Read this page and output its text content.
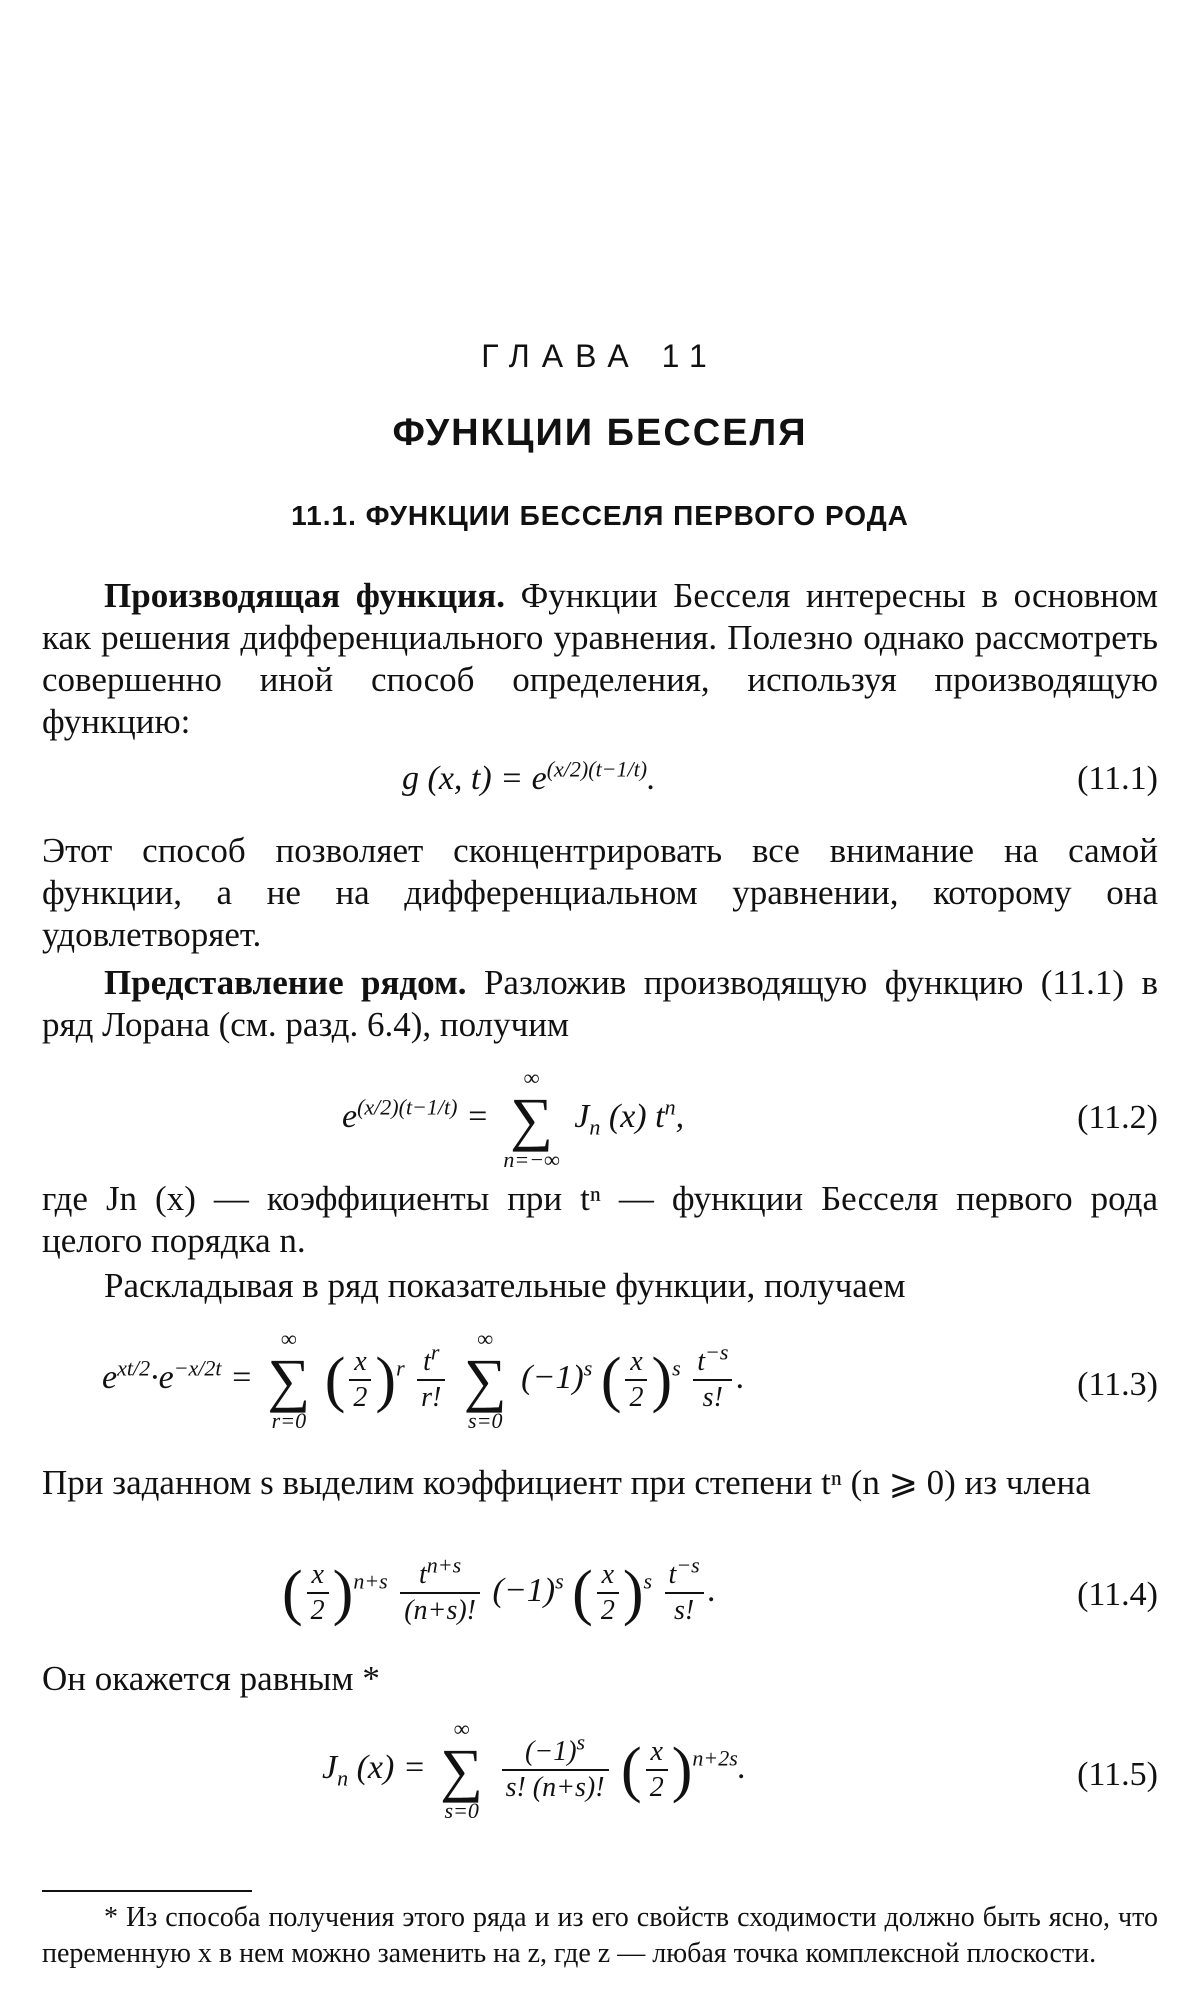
ГЛАВА 11
ФУНКЦИИ БЕССЕЛЯ
11.1. ФУНКЦИИ БЕССЕЛЯ ПЕРВОГО РОДА
Производящая функция. Функции Бесселя интересны в основном как решения дифференциального уравнения. Полезно однако рассмотреть совершенно иной способ определения, используя производящую функцию:
g (x, $t) = e^{(x/2)(t-1/t)}$.	(11.1)
Этот способ позволяет сконцентрировать все внимание на самой функции, а не на дифференциальном уравнении, которому она удовлетворяет.
Представление рядом. Разложив производящую функцию (11.1) в ряд Лорана (см. разд. 6.4), получим
$e^{(x/2)(t-1/t)}$ =
∞
∑
n=−∞
$J_n$ (x) $t^n$,	(11.2)
где Jn (x) — коэффициенты при tⁿ — функции Бесселя первого рода целого порядка n.
Раскладывая в ряд показательные функции, получаем
$e^{xt/2}\cdot e^{-x/2t}$ =
∞
∑
r=0
( $\frac{x}{2} )^r \frac{t^r}{r!}$

∞
∑
s=0
$(-1)^s$ ( $\frac{x}{2} )^s \frac{t^{-s}}{s!}$ .	(11.3)
При заданном s выделим коэффициент при степени tⁿ (n ⩾ 0) из члена
( $\frac{x}{2} )^{n+s} \frac{t^{n+s}}{(n+s)!} (-1)^s$ ( $\frac{x}{2} )^s \frac{t^{-s}}{s!}$ .	(11.4)
Он окажется равным *
$J_n$ (x) =
∞
∑
s=0

$\frac{(-1)^s}{s! (n+s)!}$ ( $\frac{x}{2} )^{n+2s}$.	(11.5)
* Из способа получения этого ряда и из его свойств сходимости должно быть ясно, что переменную x в нем можно заменить на z, где z — любая точка комплексной плоскости.
